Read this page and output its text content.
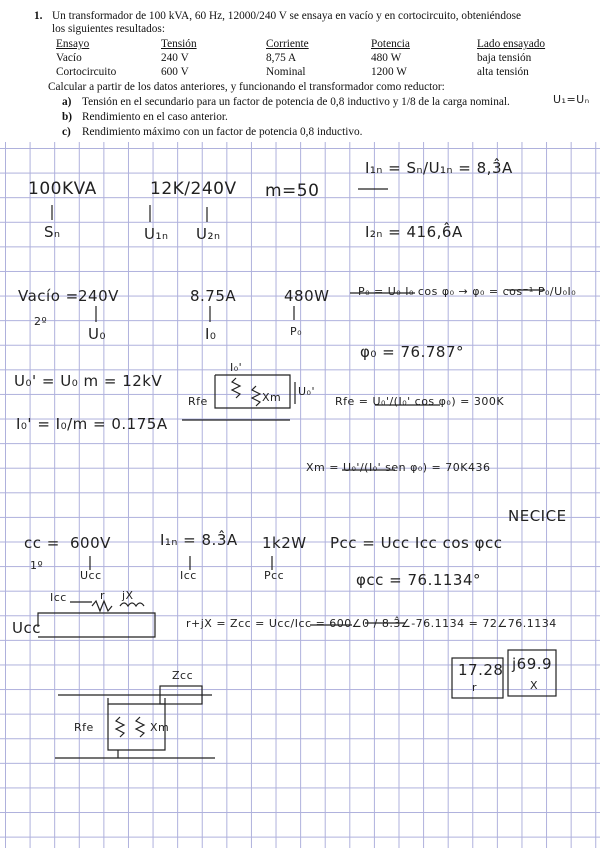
1. Un transformador de 100 kVA, 60 Hz, 12000/240 V se ensaya en vacío y en cortocircuito, obteniéndose
los siguientes resultados:
Ensayo	Tensión	Corriente	Potencia	Lado ensayado
Vacío	240 V	8,75 A	480 W	baja tensión
Cortocircuito	600 V	Nominal	1200 W	alta tensión
Calcular a partir de los datos anteriores, y funcionando el transformador como reductor:
a) Tensión en el secundario para un factor de potencia de 0,8 inductivo y 1/8 de la carga nominal.
b) Rendimiento en el caso anterior.
c) Rendimiento máximo con un factor de potencia 0,8 inductivo.
U₁=Uₙ
100KVA
Sₙ
12K/240V
U₁ₙ U₂ₙ
m=50
I₁ₙ = Sₙ/U₁ₙ = 8,3̂A
I₂ₙ = 416,6̂A
Vacío =
2º
240V
U₀
8.75A
I₀
480W
P₀
P₀ = U₀ I₀ cos φ₀ → φ₀ = cos⁻¹ P₀/U₀I₀
φ₀ = 76.787°
U₀' = U₀ m = 12kV
I₀' = I₀/m = 0.175A
I₀'
Rfe	Xm U₀'
Rfe = U₀'/(I₀' cos φ₀) = 300K
Xm = U₀'/(I₀' sen φ₀) = 70K436
NECICE
cc =
1º
600V
Ucc
I₁ₙ = 8.3̂A
Icc
1k2W
Pcc
Pcc = Ucc Icc cos φcc
φcc = 76.1134°
Icc	r jX
Ucc	r+jX = Zcc = Ucc/Icc = 600∠0 / 8.3̂∠-76.1134 = 72∠76.1134
17.28
r
j69.9
X
Zcc
Rfe	Xm
